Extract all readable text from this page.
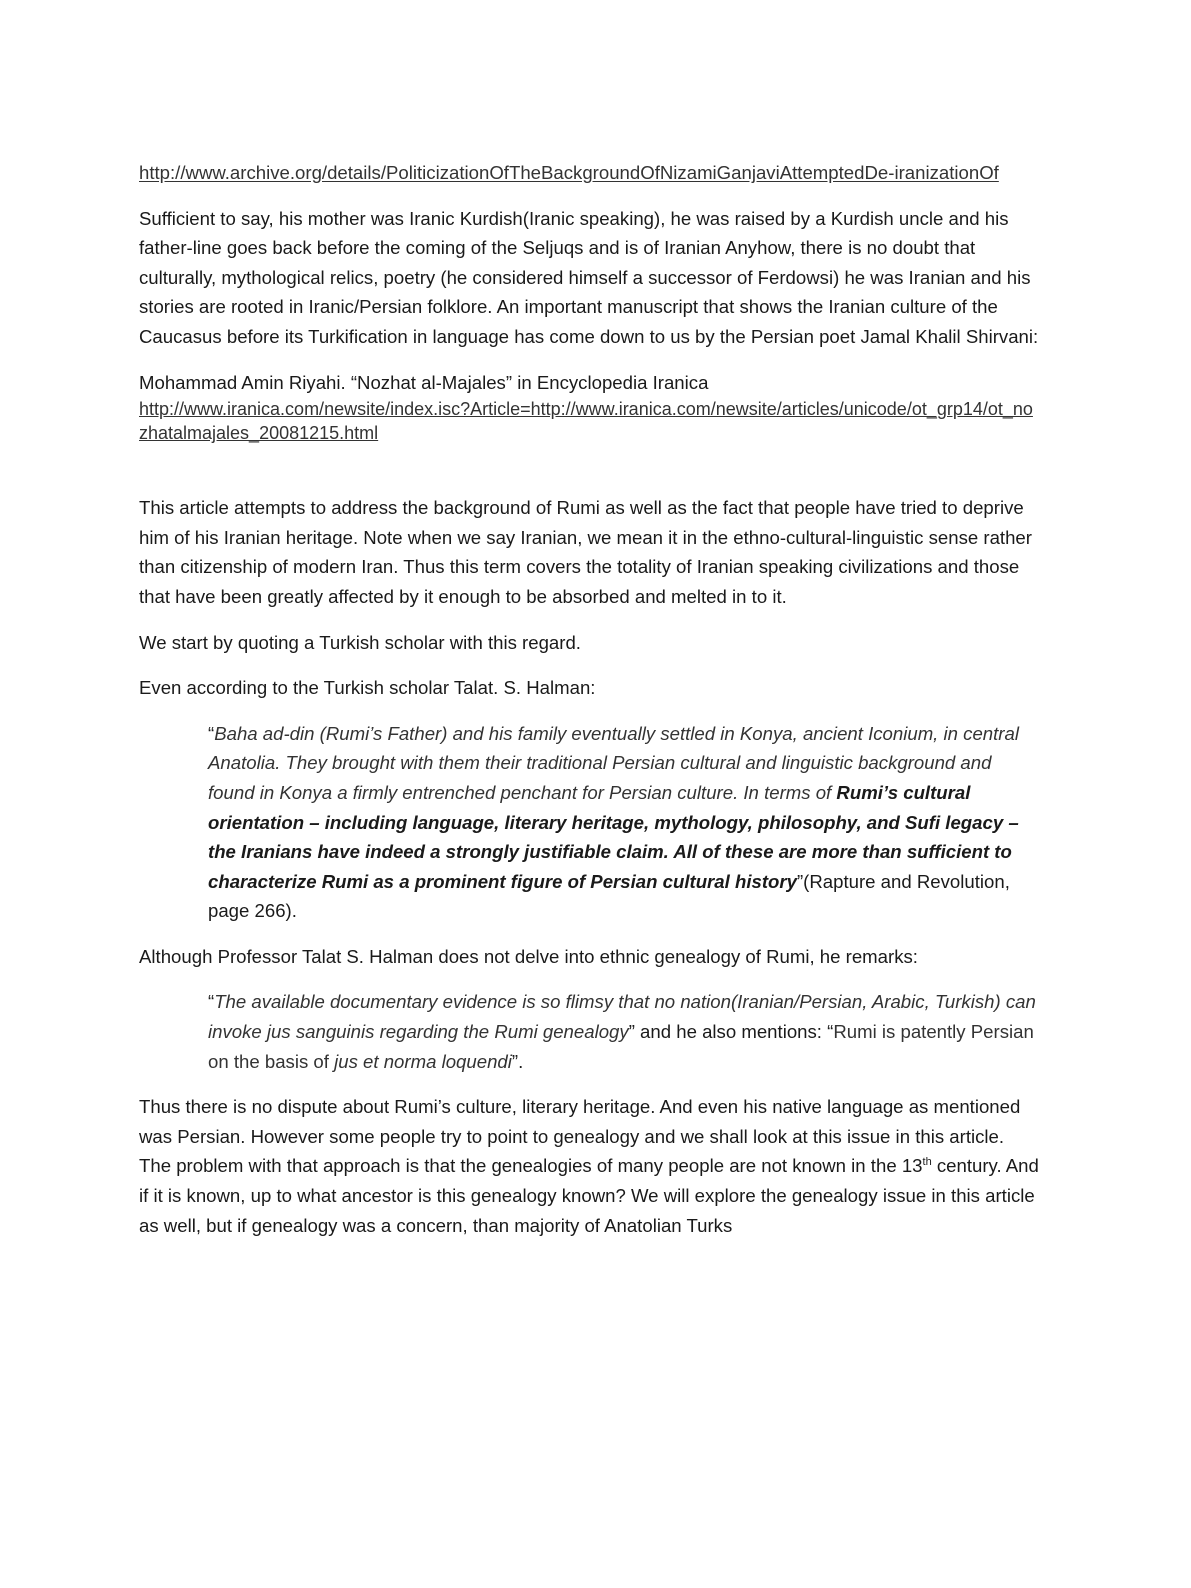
http://www.archive.org/details/PoliticizationOfTheBackgroundOfNizamiGanjaviAttemptedDe-iranizationOf

Sufficient to say, his mother was Iranic Kurdish(Iranic speaking), he was raised by a Kurdish uncle and his father-line goes back before the coming of the Seljuqs and is of Iranian Anyhow, there is no doubt that culturally, mythological relics, poetry (he considered himself a successor of Ferdowsi) he was Iranian and his stories are rooted in Iranic/Persian folklore. An important manuscript that shows the Iranian culture of the Caucasus before its Turkification in language has come down to us by the Persian poet Jamal Khalil Shirvani:

Mohammad Amin Riyahi. “Nozhat al-Majales” in Encyclopedia Iranica
http://www.iranica.com/newsite/index.isc?Article=http://www.iranica.com/newsite/articles/unicode/ot_grp14/ot_nozhatalmajales_20081215.html

This article attempts to address the background of Rumi as well as the fact that people have tried to deprive him of his Iranian heritage. Note when we say Iranian, we mean it in the ethno-cultural-linguistic sense rather than citizenship of modern Iran. Thus this term covers the totality of Iranian speaking civilizations and those that have been greatly affected by it enough to be absorbed and melted in to it.

We start by quoting a Turkish scholar with this regard.

Even according to the Turkish scholar Talat. S. Halman:

“Baha ad-din (Rumi’s Father) and his family eventually settled in Konya, ancient Iconium, in central Anatolia. They brought with them their traditional Persian cultural and linguistic background and found in Konya a firmly entrenched penchant for Persian culture. In terms of Rumi’s cultural orientation – including language, literary heritage, mythology, philosophy, and Sufi legacy –the Iranians have indeed a strongly justifiable claim. All of these are more than sufficient to characterize Rumi as a prominent figure of Persian cultural history”(Rapture and Revolution, page 266).

Although Professor Talat S. Halman does not delve into ethnic genealogy of Rumi, he remarks:

“The available documentary evidence is so flimsy that no nation(Iranian/Persian, Arabic, Turkish) can invoke jus sanguinis regarding the Rumi genealogy” and he also mentions: “Rumi is patently Persian on the basis of jus et norma loquendi”.

Thus there is no dispute about Rumi’s culture, literary heritage. And even his native language as mentioned was Persian. However some people try to point to genealogy and we shall look at this issue in this article. The problem with that approach is that the genealogies of many people are not known in the 13th century. And if it is known, up to what ancestor is this genealogy known? We will explore the genealogy issue in this article as well, but if genealogy was a concern, than majority of Anatolian Turks
